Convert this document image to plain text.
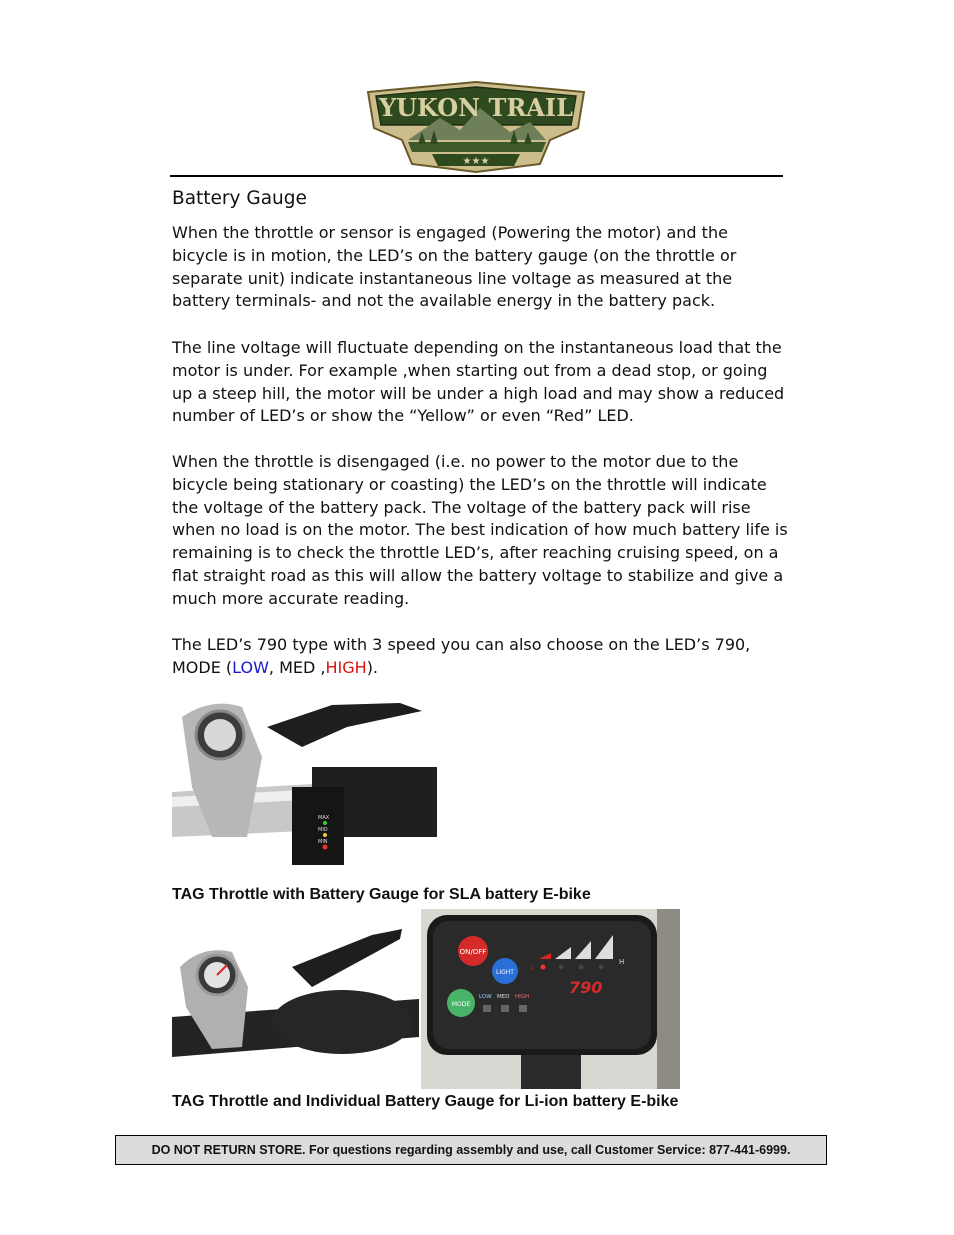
YUKON TRAIL
★★★
Battery Gauge

When the throttle or sensor is engaged (Powering the motor) and the bicycle is in motion, the LED’s on the battery gauge (on the throttle or separate unit) indicate instantaneous line voltage as measured at the battery terminals- and not the available energy in the battery pack.

The line voltage will fluctuate depending on the instantaneous load that the motor is under. For example ,when starting out from a dead stop, or going up a steep hill, the motor will be under a high load and may show a reduced number of LED’s or show the “Yellow” or even “Red” LED.

When the throttle is disengaged (i.e. no power to the motor due to the bicycle being stationary or coasting) the LED’s on the throttle will indicate the voltage of the battery pack. The voltage of the battery pack will rise when no load is on the motor. The best indication of how much battery life is remaining is to check the throttle LED’s, after reaching cruising speed, on a flat straight road as this will allow the battery voltage to stabilize and give a much more accurate reading.

The LED’s 790 type with 3 speed you can also choose on the LED’s 790,
MODE (LOW, MED ,HIGH).

MAX
MID
MIN

TAG Throttle with Battery Gauge for SLA battery E-bike

ON/OFF
LIGHT
MODE
L
H
790
LOW MED HIGH

TAG Throttle and Individual Battery Gauge for Li-ion battery E-bike

DO NOT RETURN STORE. For questions regarding assembly and use, call Customer Service: 877-441-6999.
